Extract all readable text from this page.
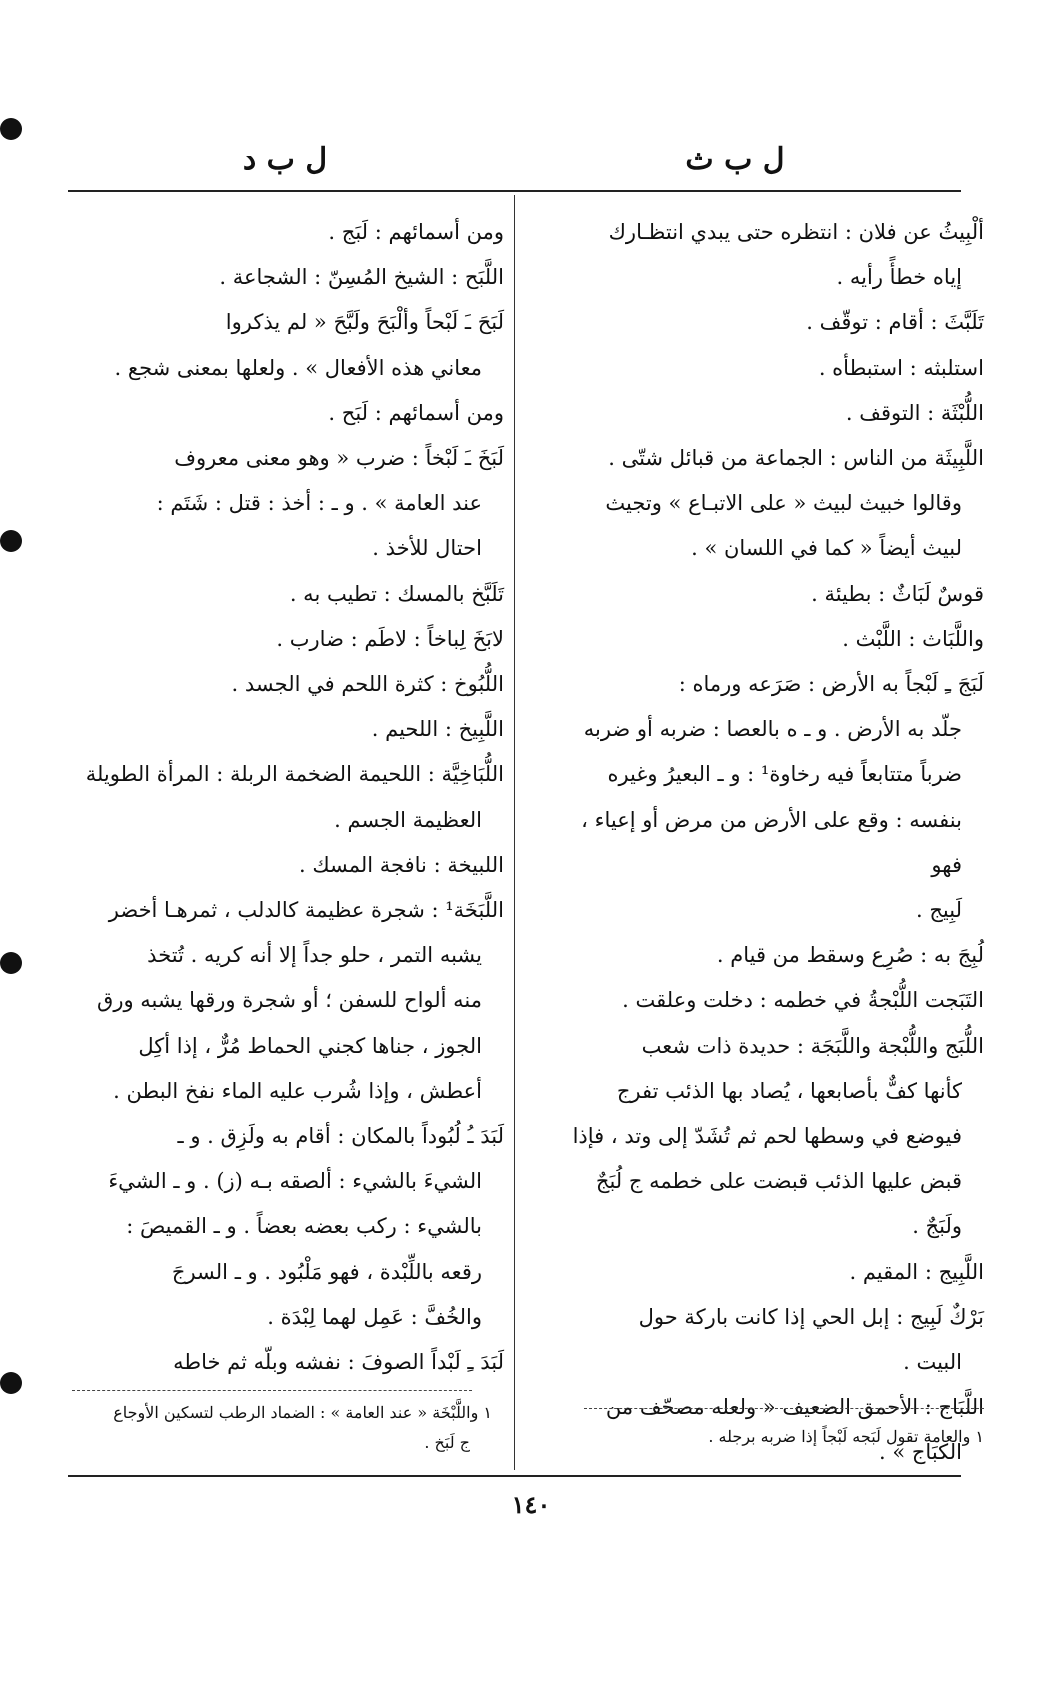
ل ب ث
ل ب د

ألْبِيثُ عن فلان : انتظره حتى يبدي انتظـارك

إياه خطأً رأيه .

تَلَبَّثَ : أقام : توقّف .

استلبثه : استبطأه .

اللُّبْثَة : التوقف .

اللَّبِيثَة من الناس : الجماعة من قبائل شتّى .

وقالوا خبيث لبيث « على الاتبـاع » وتجيث

لبيث أيضاً « كما في اللسان » .

قوسٌ لَبَاثٌ : بطيئة .

واللَّبَاث : اللَّبْث .

لَبَجَ ـِ لَبْجاً به الأرض : صَرَعه ورماه :

جلّد به الأرض . و ـ ه بالعصا : ضربه أو ضربه

ضرباً متتابعاً فيه رخاوة¹ : و ـ البعيرُ وغيره

بنفسه : وقع على الأرض من مرض أو إعياء ، فهو

لَبِيج .

لُبِجَ به : صُرِع وسقط من قيام .

التَبَجت اللُّبْجةُ في خطمه : دخلت وعلقت .

اللُّبَج واللُّبْجة واللَّبَجَة : حديدة ذات شعب

كأنها كفٌّ بأصابعها ، يُصاد بها الذئب تفرج

فيوضع في وسطها لحم ثم تُشَدّ إلى وتد ، فإذا

قبض عليها الذئب قبضت على خطمه ج لُبَجٌ

ولَبَجٌ .

اللَّبِيج : المقيم .

بَرْكٌ لَبِيج : إبل الحي إذا كانت باركة حول

البيت .

اللَّبَاج : الأحمق الضعيف « ولعله مصحّف من

الكبَاج » .

ومن أسمائهم : لَبَج .

اللَّبَح : الشيخ المُسِنّ : الشجاعة .

لَبَحَ ـَ لَبْحاً وألْبَحَ ولَبَّحَ « لم يذكروا

معاني هذه الأفعال » . ولعلها بمعنى شجع .

ومن أسمائهم : لَبَح .

لَبَخَ ـَ لَبْخاً : ضرب « وهو معنى معروف

عند العامة » . و ـ : أخذ : قتل : شَتَم :

احتال للأخذ .

تَلَبَّخ بالمسك : تطيب به .

لابَخَ لِباخاً : لاطَم : ضارب .

اللُّبُوخ : كثرة اللحم في الجسد .

اللَّبِيخ : اللحيم .

اللُّبَاخِيَّة : اللحيمة الضخمة الربلة : المرأة الطويلة

العظيمة الجسم .

اللبيخة : نافجة المسك .

اللَّبَخَة¹ : شجرة عظيمة كالدلب ، ثمرهـا أخضر

يشبه التمر ، حلو جداً إلا أنه كريه . تُتخذ

منه ألواح للسفن ؛ أو شجرة ورقها يشبه ورق

الجوز ، جناها كجني الحماط مُرٌّ ، إذا أكِل

أعطش ، وإذا شُرب عليه الماء نفخ البطن .

لَبَدَ ـُ لُبُوداً بالمكان : أقام به ولَزِق . و ـ

الشيءَ بالشيء : ألصقه بـه (ز) . و ـ الشيءَ

بالشيء : ركب بعضه بعضاً . و ـ القميصَ :

رقعه باللِّبْدة ، فهو مَلْبُود . و ـ السرجَ

والخُفَّ : عَمِل لهما لِبْدَة .

لَبَدَ ـِ لَبْداً الصوفَ : نفشه وبلّه ثم خاطه

١ والعامة تقول لَبَجه لَبْجاً إذا ضربه برجله .
١ واللَّبْخَة « عند العامة » : الضماد الرطب لتسكين الأوجاع
ج لَبَخ .
١٤٠
